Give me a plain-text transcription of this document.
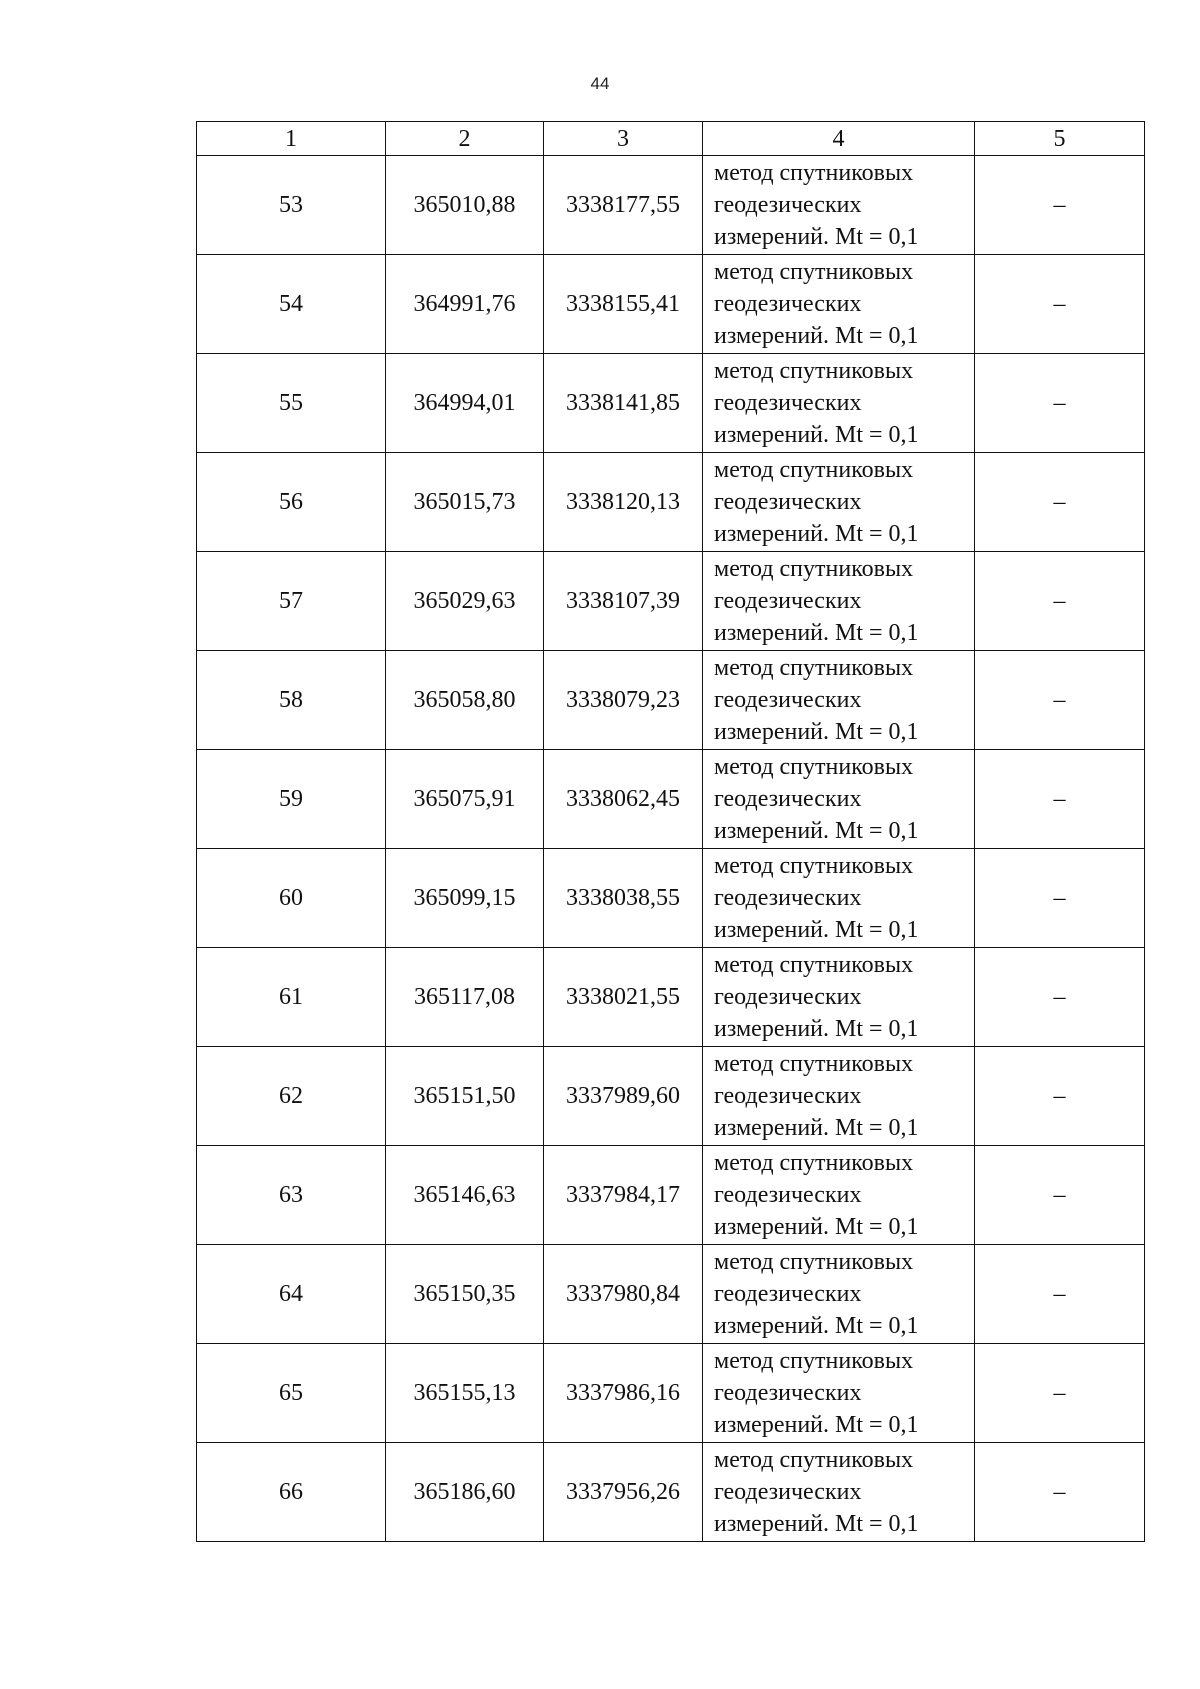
44
1	2	3	4	5
53	365010,88	3338177,55	метод спутниковых
геодезических
измерений. Mt = 0,1	–
54	364991,76	3338155,41	метод спутниковых
геодезических
измерений. Mt = 0,1	–
55	364994,01	3338141,85	метод спутниковых
геодезических
измерений. Mt = 0,1	–
56	365015,73	3338120,13	метод спутниковых
геодезических
измерений. Mt = 0,1	–
57	365029,63	3338107,39	метод спутниковых
геодезических
измерений. Mt = 0,1	–
58	365058,80	3338079,23	метод спутниковых
геодезических
измерений. Mt = 0,1	–
59	365075,91	3338062,45	метод спутниковых
геодезических
измерений. Mt = 0,1	–
60	365099,15	3338038,55	метод спутниковых
геодезических
измерений. Mt = 0,1	–
61	365117,08	3338021,55	метод спутниковых
геодезических
измерений. Mt = 0,1	–
62	365151,50	3337989,60	метод спутниковых
геодезических
измерений. Mt = 0,1	–
63	365146,63	3337984,17	метод спутниковых
геодезических
измерений. Mt = 0,1	–
64	365150,35	3337980,84	метод спутниковых
геодезических
измерений. Mt = 0,1	–
65	365155,13	3337986,16	метод спутниковых
геодезических
измерений. Mt = 0,1	–
66	365186,60	3337956,26	метод спутниковых
геодезических
измерений. Mt = 0,1	–
